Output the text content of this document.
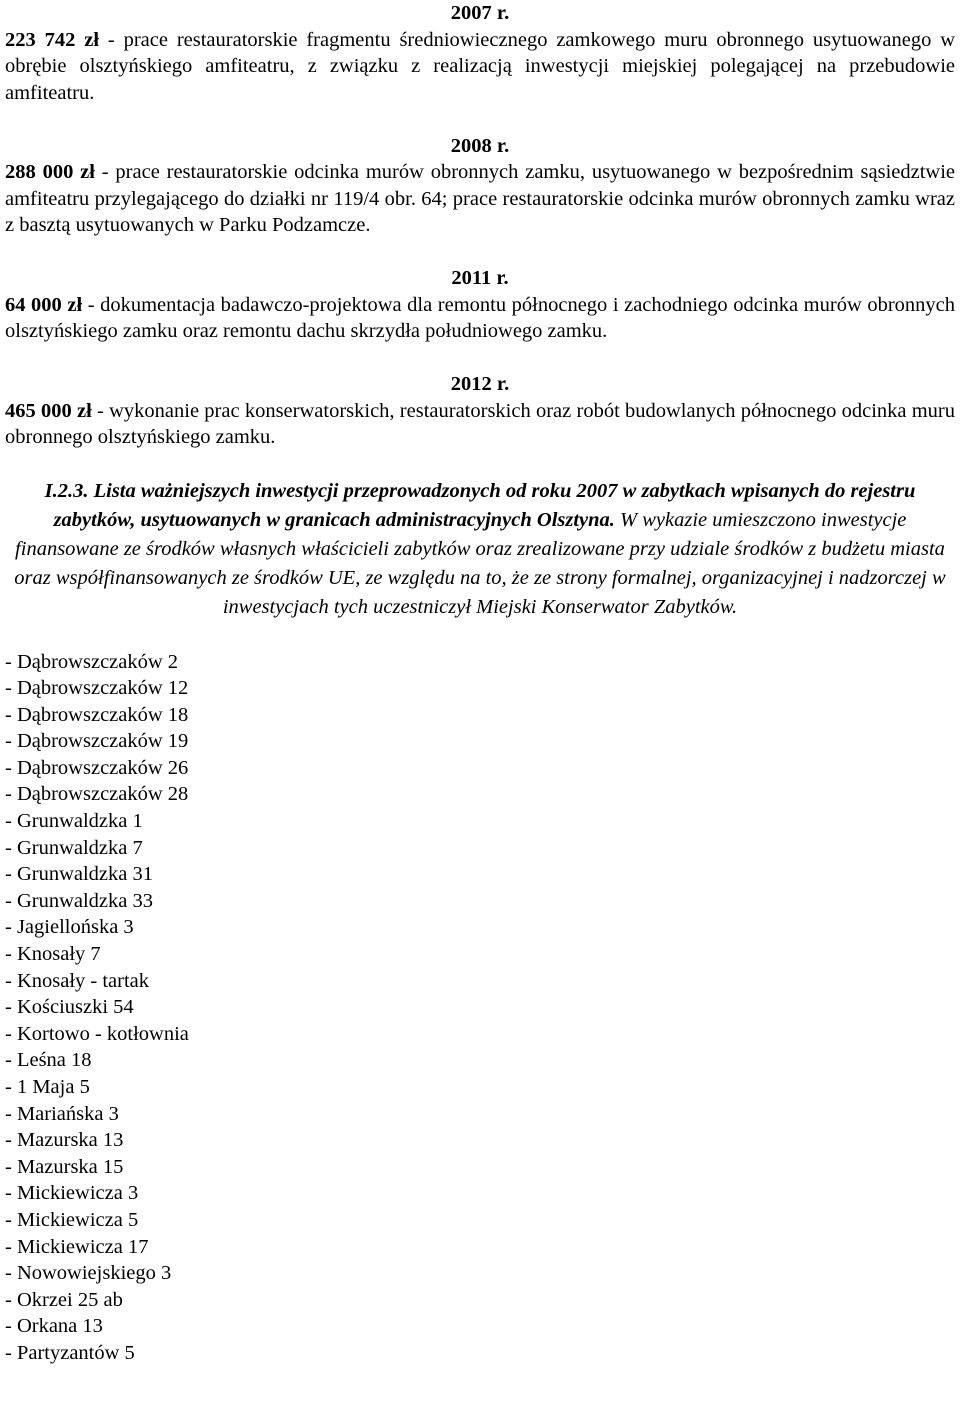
2007 r.

223 742 zł - prace restauratorskie fragmentu średniowiecznego zamkowego muru obronnego usytuowanego w obrębie olsztyńskiego amfiteatru, z związku z realizacją inwestycji miejskiej polegającej na przebudowie amfiteatru.

2008 r.

288 000 zł - prace restauratorskie odcinka murów obronnych zamku, usytuowanego w bezpośrednim sąsiedztwie amfiteatru przylegającego do działki nr 119/4 obr. 64; prace restauratorskie odcinka murów obronnych zamku wraz z basztą usytuowanych w Parku Podzamcze.

2011 r.

64 000 zł - dokumentacja badawczo-projektowa dla remontu północnego i zachodniego odcinka murów obronnych olsztyńskiego zamku oraz remontu dachu skrzydła południowego zamku.

2012 r.

465 000 zł - wykonanie prac konserwatorskich, restauratorskich oraz robót budowlanych północnego odcinka muru obronnego olsztyńskiego zamku.

I.2.3. Lista ważniejszych inwestycji przeprowadzonych od roku 2007 w zabytkach wpisanych do rejestru zabytków, usytuowanych w granicach administracyjnych Olsztyna. W wykazie umieszczono inwestycje finansowane ze środków własnych właścicieli zabytków oraz zrealizowane przy udziale środków z budżetu miasta oraz współfinansowanych ze środków UE, ze względu na to, że ze strony formalnej, organizacyjnej i nadzorczej w inwestycjach tych uczestniczył Miejski Konserwator Zabytków.

- Dąbrowszczaków 2
- Dąbrowszczaków 12
- Dąbrowszczaków 18
- Dąbrowszczaków 19
- Dąbrowszczaków 26
- Dąbrowszczaków 28
- Grunwaldzka 1
- Grunwaldzka 7
- Grunwaldzka 31
- Grunwaldzka 33
- Jagiellońska 3
- Knosały 7
- Knosały - tartak
- Kościuszki 54
- Kortowo - kotłownia
- Leśna 18
- 1 Maja 5
- Mariańska 3
- Mazurska 13
- Mazurska 15
- Mickiewicza 3
- Mickiewicza 5
- Mickiewicza 17
- Nowowiejskiego 3
- Okrzei 25 ab
- Orkana 13
- Partyzantów 5
